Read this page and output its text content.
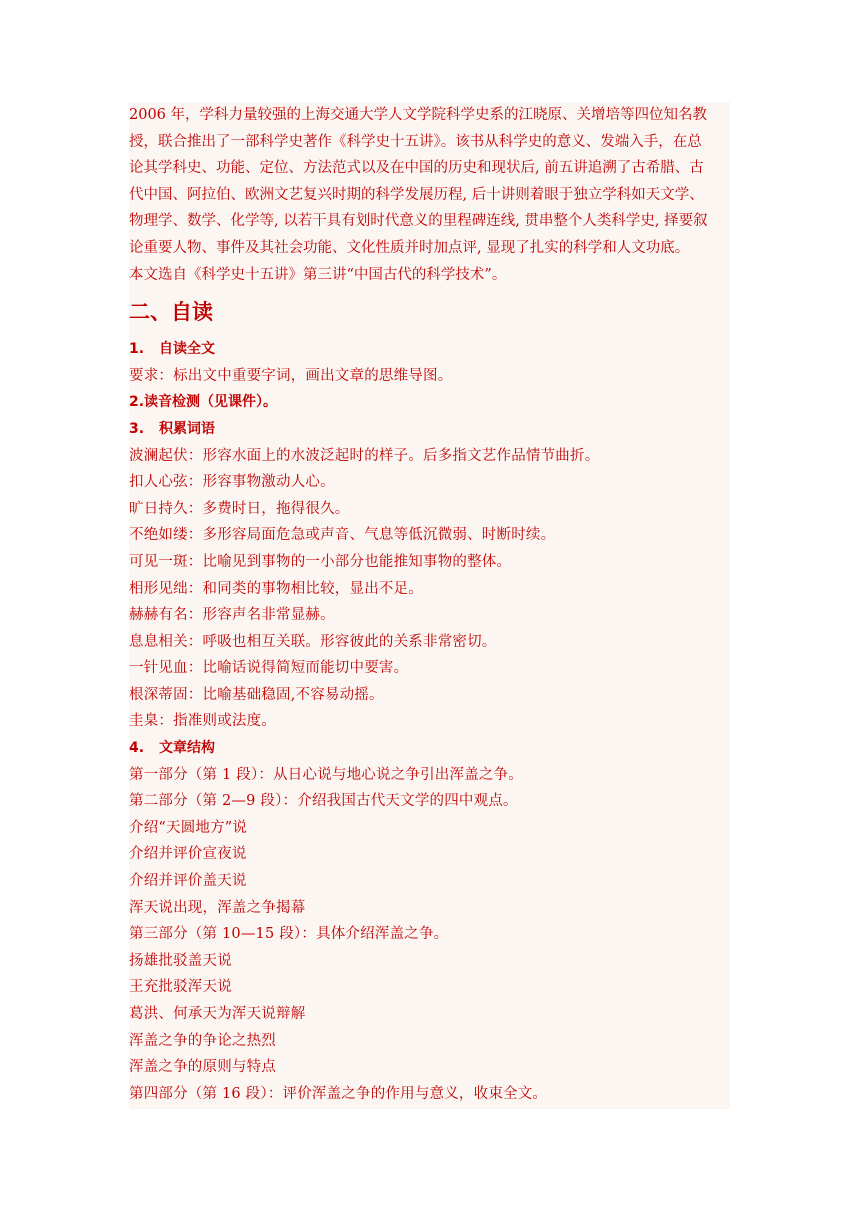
2006 年，学科力量较强的上海交通大学人文学院科学史系的江晓原、关增培等四位知名教

授，联合推出了一部科学史著作《科学史十五讲》。该书从科学史的意义、发端入手，在总

论其学科史、功能、定位、方法范式以及在中国的历史和现状后, 前五讲追溯了古希腊、古

代中国、阿拉伯、欧洲文艺复兴时期的科学发展历程, 后十讲则着眼于独立学科如天文学、

物理学、数学、化学等, 以若干具有划时代意义的里程碑连线, 贯串整个人类科学史, 择要叙

论重要人物、事件及其社会功能、文化性质并时加点评, 显现了扎实的科学和人文功底。

本文选自《科学史十五讲》第三讲“中国古代的科学技术”。

二、自读

1. 自读全文

要求：标出文中重要字词，画出文章的思维导图。

2.读音检测（见课件）。

3. 积累词语

波澜起伏：形容水面上的水波泛起时的样子。后多指文艺作品情节曲折。

扣人心弦：形容事物激动人心。

旷日持久：多费时日，拖得很久。

不绝如缕：多形容局面危急或声音、气息等低沉微弱、时断时续。

可见一斑：比喻见到事物的一小部分也能推知事物的整体。

相形见绌：和同类的事物相比较，显出不足。

赫赫有名：形容声名非常显赫。

息息相关：呼吸也相互关联。形容彼此的关系非常密切。

一针见血：比喻话说得简短而能切中要害。

根深蒂固：比喻基础稳固,不容易动摇。

圭臬：指准则或法度。

4. 文章结构

第一部分（第 1 段）：从日心说与地心说之争引出浑盖之争。

第二部分（第 2—9 段）：介绍我国古代天文学的四中观点。

介绍“天圆地方”说

介绍并评价宣夜说

介绍并评价盖天说

浑天说出现，浑盖之争揭幕

第三部分（第 10—15 段）：具体介绍浑盖之争。

扬雄批驳盖天说

王充批驳浑天说

葛洪、何承天为浑天说辩解

浑盖之争的争论之热烈

浑盖之争的原则与特点

第四部分（第 16 段）：评价浑盖之争的作用与意义，收束全文。
